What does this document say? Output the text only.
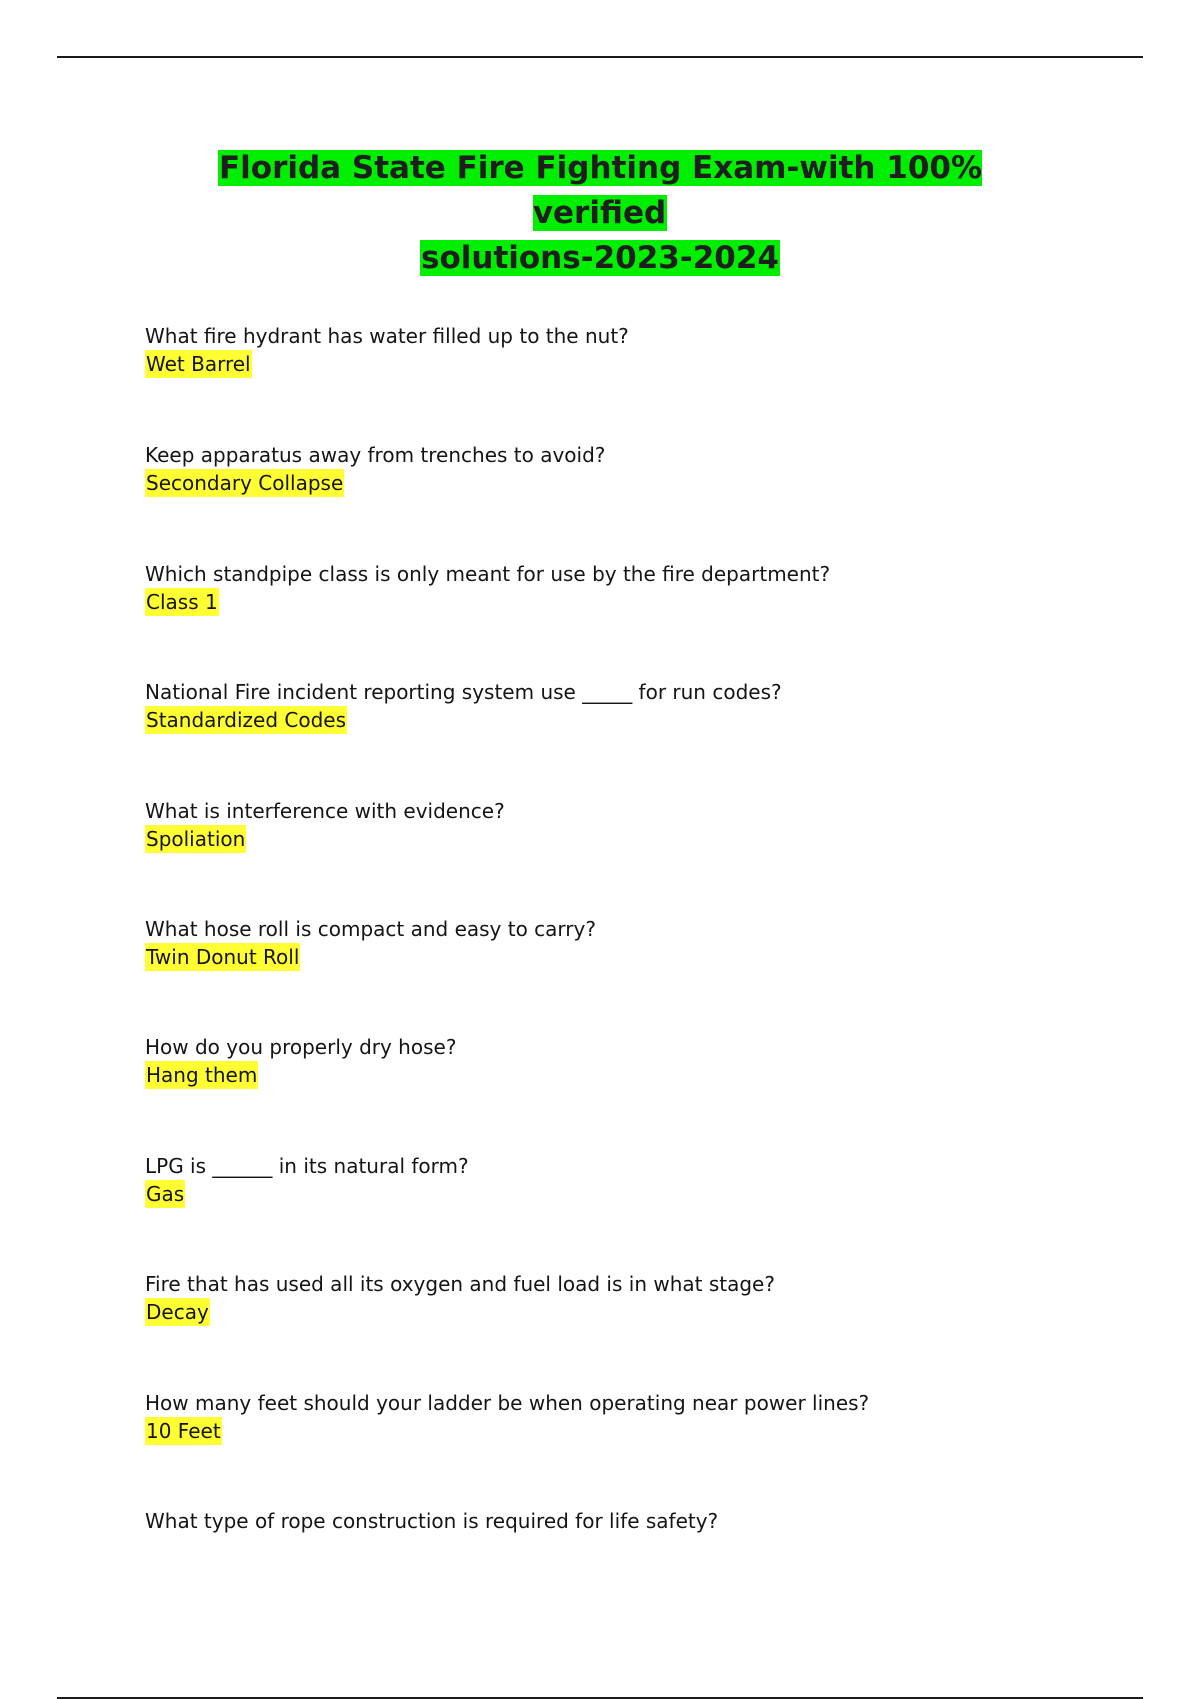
Florida State Fire Fighting Exam-with 100% verified
solutions-2023-2024
What fire hydrant has water filled up to the nut?
Wet Barrel
Keep apparatus away from trenches to avoid?
Secondary Collapse
Which standpipe class is only meant for use by the fire department?
Class 1
National Fire incident reporting system use _____ for run codes?
Standardized Codes
What is interference with evidence?
Spoliation
What hose roll is compact and easy to carry?
Twin Donut Roll
How do you properly dry hose?
Hang them
LPG is ______ in its natural form?
Gas
Fire that has used all its oxygen and fuel load is in what stage?
Decay
How many feet should your ladder be when operating near power lines?
10 Feet
What type of rope construction is required for life safety?
